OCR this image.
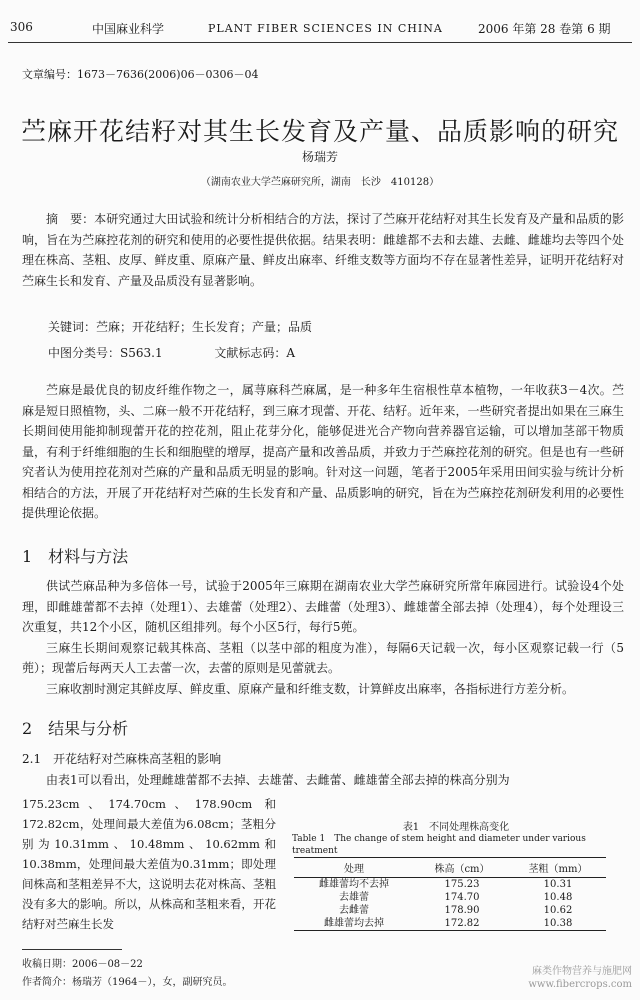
306	中国麻业科学	PLANT FIBER SCIENCES IN CHINA	2006 年第 28 卷第 6 期
文章编号：1673－7636(2006)06－0306－04
苎麻开花结籽对其生长发育及产量、品质影响的研究
杨瑞芳
（湖南农业大学苎麻研究所，湖南　长沙　410128）
摘　要：本研究通过大田试验和统计分析相结合的方法，探讨了苎麻开花结籽对其生长发育及产量和品质的影响，旨在为苎麻控花剂的研究和使用的必要性提供依据。结果表明：雌雄都不去和去雄、去雌、雌雄均去等四个处理在株高、茎粗、皮厚、鲜皮重、原麻产量、鲜皮出麻率、纤维支数等方面均不存在显著性差异，证明开花结籽对苎麻生长和发育、产量及品质没有显著影响。
关键词：苎麻；开花结籽；生长发育；产量；品质
中图分类号：S563.1	文献标志码：A
苎麻是最优良的韧皮纤维作物之一，属荨麻科苎麻属，是一种多年生宿根性草本植物，一年收获3－4次。苎麻是短日照植物，头、二麻一般不开花结籽，到三麻才现蕾、开花、结籽。近年来，一些研究者提出如果在三麻生长期间使用能抑制现蕾开花的控花剂，阻止花芽分化，能够促进光合产物向营养器官运输，可以增加茎部干物质量，有利于纤维细胞的生长和细胞壁的增厚，提高产量和改善品质，并致力于苎麻控花剂的研究。但是也有一些研究者认为使用控花剂对苎麻的产量和品质无明显的影响。针对这一问题，笔者于2005年采用田间实验与统计分析相结合的方法，开展了开花结籽对苎麻的生长发育和产量、品质影响的研究，旨在为苎麻控花剂研发利用的必要性提供理论依据。
1　材料与方法
供试苎麻品种为多倍体一号，试验于2005年三麻期在湖南农业大学苎麻研究所常年麻园进行。试验设4个处理，即雌雄蕾都不去掉（处理1）、去雄蕾（处理2）、去雌蕾（处理3）、雌雄蕾全部去掉（处理4），每个处理设三次重复，共12个小区，随机区组排列。每个小区5行，每行5蔸。
三麻生长期间观察记载其株高、茎粗（以茎中部的粗度为准），每隔6天记载一次，每小区观察记载一行（5蔸）；现蕾后每两天人工去蕾一次，去蕾的原则是见蕾就去。
三麻收割时测定其鲜皮厚、鲜皮重、原麻产量和纤维支数，计算鲜皮出麻率，各指标进行方差分析。
2　结果与分析
2.1　开花结籽对苎麻株高茎粗的影响
由表1可以看出，处理雌雄蕾都不去掉、去雄蕾、去雌蕾、雌雄蕾全部去掉的株高分别为
175.23cm、174.70cm、178.90cm 和 172.82cm，处理间最大差值为6.08cm；茎粗分别为10.31mm、10.48mm、10.62mm和10.38mm，处理间最大差值为0.31mm；即处理间株高和茎粗差异不大，这说明去花对株高、茎粗没有多大的影响。所以，从株高和茎粗来看，开花结籽对苎麻生长发
表1　不同处理株高变化
Table 1　The change of stem height and diameter under various treatment
处理	株高（cm）	茎粗（mm）
雌雄蕾均不去掉	175.23	10.31
去雄蕾	174.70	10.48
去雌蕾	178.90	10.62
雌雄蕾均去掉	172.82	10.38
收稿日期：2006－08－22
作者简介：杨瑞芳（1964－），女，副研究员。
麻类作物营养与施肥网
www.fibercrops.com
